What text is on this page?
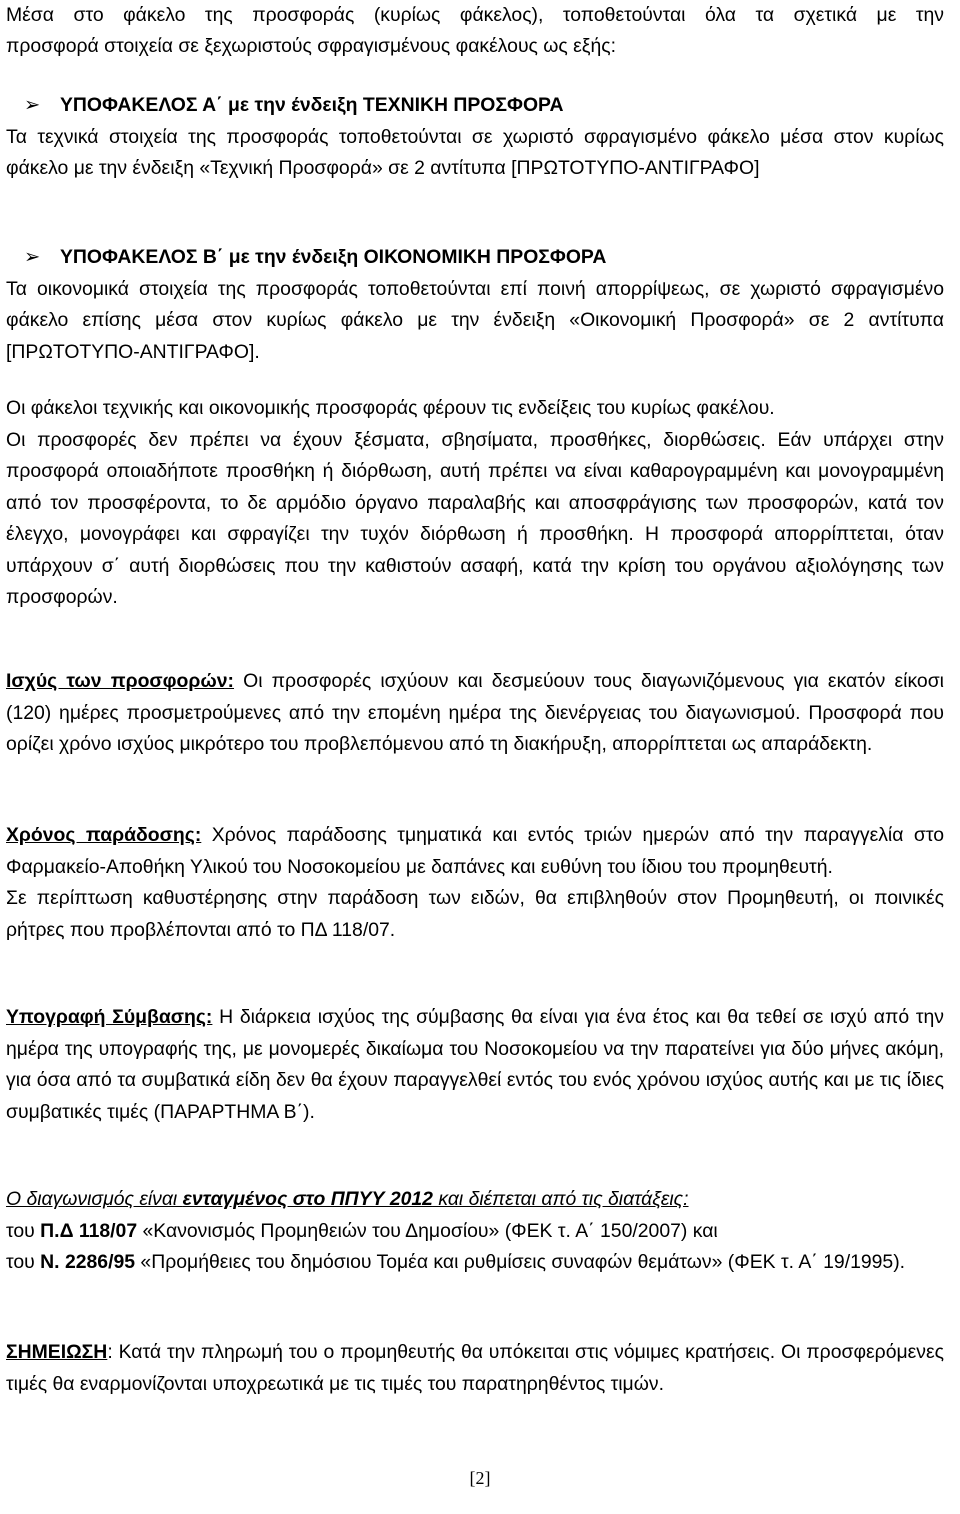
Μέσα στο φάκελο της προσφοράς (κυρίως φάκελος), τοποθετούνται όλα τα σχετικά με την

προσφορά στοιχεία σε ξεχωριστούς σφραγισμένους φακέλους ως εξής:

➢ ΥΠΟΦΑΚΕΛΟΣ Α΄ με την ένδειξη ΤΕΧΝΙΚΗ ΠΡΟΣΦΟΡΑ

Τα τεχνικά στοιχεία της προσφοράς τοποθετούνται σε χωριστό σφραγισμένο φάκελο μέσα στον κυρίως φάκελο με την ένδειξη «Τεχνική Προσφορά» σε 2 αντίτυπα [ΠΡΩΤΟΤΥΠΟ-ΑΝΤΙΓΡΑΦΟ]

➢ ΥΠΟΦΑΚΕΛΟΣ Β΄ με την ένδειξη ΟΙΚΟΝΟΜΙΚΗ ΠΡΟΣΦΟΡΑ

Τα οικονομικά στοιχεία της προσφοράς τοποθετούνται επί ποινή απορρίψεως, σε χωριστό σφραγισμένο φάκελο επίσης μέσα στον κυρίως φάκελο με την ένδειξη «Οικονομική Προσφορά» σε 2 αντίτυπα [ΠΡΩΤΟΤΥΠΟ-ΑΝΤΙΓΡΑΦΟ].

Οι φάκελοι τεχνικής και οικονομικής προσφοράς φέρουν τις ενδείξεις του κυρίως φακέλου.

Οι προσφορές δεν πρέπει να έχουν ξέσματα, σβησίματα, προσθήκες, διορθώσεις. Εάν υπάρχει στην προσφορά οποιαδήποτε προσθήκη ή διόρθωση, αυτή πρέπει να είναι καθαρογραμμένη και μονογραμμένη από τον προσφέροντα, το δε αρμόδιο όργανο παραλαβής και αποσφράγισης των προσφορών, κατά τον έλεγχο, μονογράφει και σφραγίζει την τυχόν διόρθωση ή προσθήκη. Η προσφορά απορρίπτεται, όταν υπάρχουν σ΄ αυτή διορθώσεις που την καθιστούν ασαφή, κατά την κρίση του οργάνου αξιολόγησης των προσφορών.

Ισχύς των προσφορών: Οι προσφορές ισχύουν και δεσμεύουν τους διαγωνιζόμενους για εκατόν είκοσι (120) ημέρες προσμετρούμενες από την επομένη ημέρα της διενέργειας του διαγωνισμού. Προσφορά που ορίζει χρόνο ισχύος μικρότερο του προβλεπόμενου από τη διακήρυξη, απορρίπτεται ως απαράδεκτη.

Χρόνος παράδοσης: Χρόνος παράδοσης τμηματικά και εντός τριών ημερών από την παραγγελία στο Φαρμακείο-Αποθήκη Υλικού του Νοσοκομείου με δαπάνες και ευθύνη του ίδιου του προμηθευτή.

Σε περίπτωση καθυστέρησης στην παράδοση των ειδών, θα επιβληθούν στον Προμηθευτή, οι ποινικές ρήτρες που προβλέπονται από το ΠΔ 118/07.

Υπογραφή Σύμβασης: Η διάρκεια ισχύος της σύμβασης θα είναι για ένα έτος και θα τεθεί σε ισχύ από την ημέρα της υπογραφής της, με μονομερές δικαίωμα του Νοσοκομείου να την παρατείνει για δύο μήνες ακόμη, για όσα από τα συμβατικά είδη δεν θα έχουν παραγγελθεί εντός του ενός χρόνου ισχύος αυτής και με τις ίδιες συμβατικές τιμές (ΠΑΡΑΡΤΗΜΑ Β΄).

Ο διαγωνισμός είναι ενταγμένος στο ΠΠΥΥ 2012 και διέπεται από τις διατάξεις:

του Π.Δ 118/07 «Κανονισμός Προμηθειών του Δημοσίου» (ΦΕΚ τ. Α΄ 150/2007) και

του Ν. 2286/95 «Προμήθειες του δημόσιου Τομέα και ρυθμίσεις συναφών θεμάτων» (ΦΕΚ τ. Α΄ 19/1995).

ΣΗΜΕΙΩΣΗ: Κατά την πληρωμή του ο προμηθευτής θα υπόκειται στις νόμιμες κρατήσεις. Οι προσφερόμενες τιμές θα εναρμονίζονται υποχρεωτικά με τις τιμές του παρατηρηθέντος τιμών.

[2]
